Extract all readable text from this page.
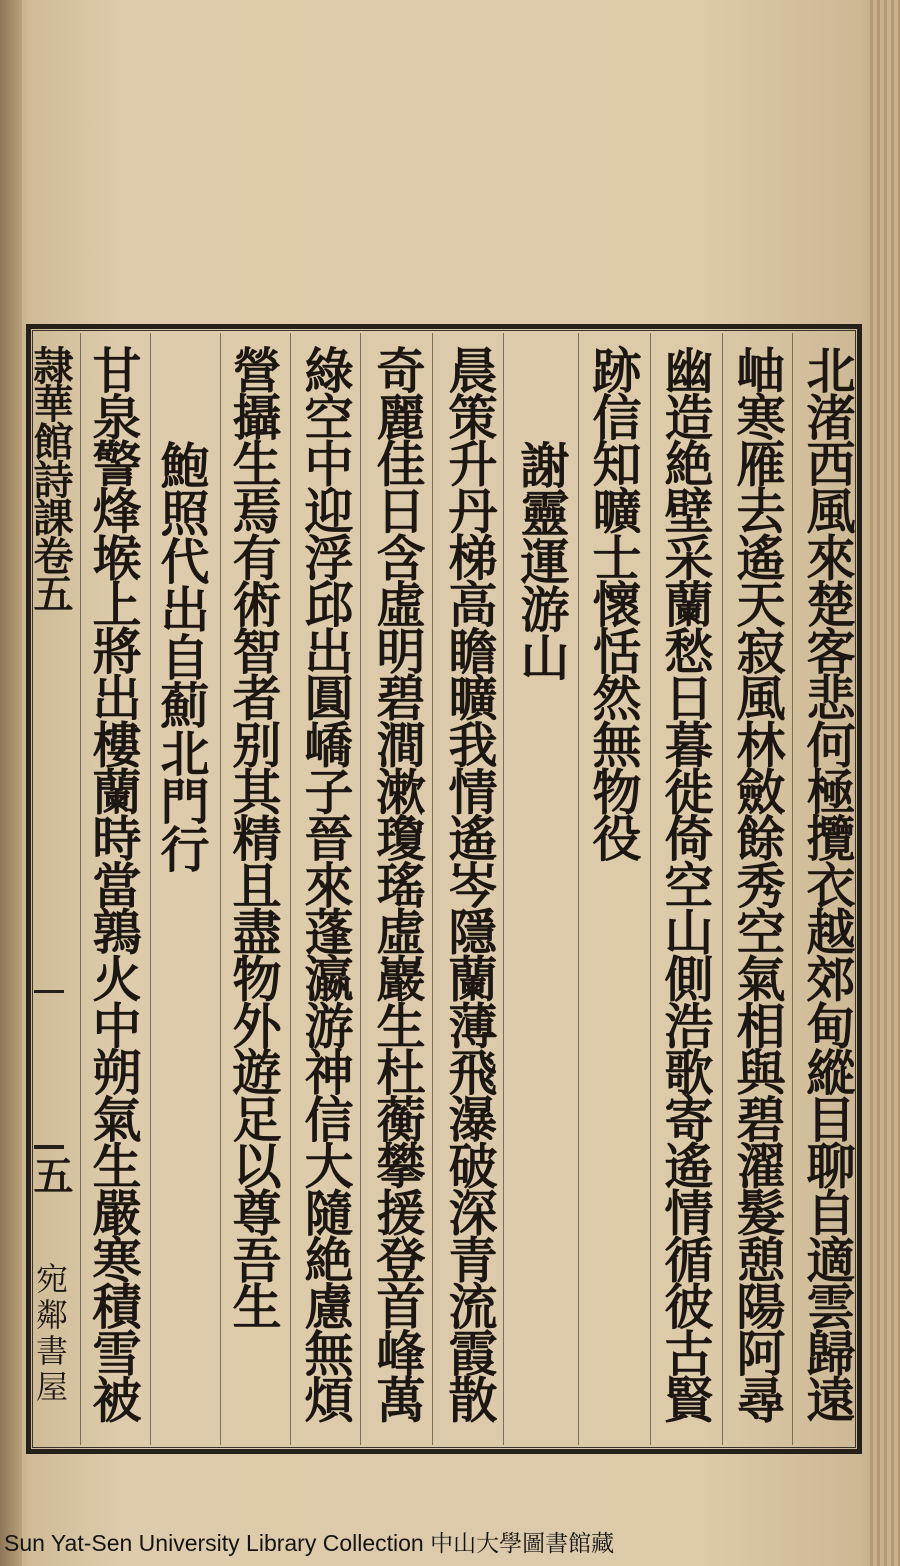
隷華館詩課卷五
五
宛鄰書屋	北渚西風來楚客悲何極攬衣越郊甸縱目聊自適雲歸遠
岫寒雁去遙天寂風林斂餘秀空氣相與碧濯髮憩陽阿尋
幽造絶壁采蘭愁日暮徙倚空山側浩歌寄遙情循彼古賢
跡信知曠士懷恬然無物役
謝靈運游山
晨策升丹梯高瞻曠我情遙岑隱蘭薄飛瀑破深青流霞散
奇麗佳日含虛明碧澗漱瓊瑤虛巖生杜蘅攀援登首峰萬
綠空中迎浮邱出圓嶠子晉來蓬瀛游神信大隨絶慮無煩
營攝生焉有術智者别其精且盡物外遊足以尊吾生
鮑照代出自薊北門行
甘泉警烽堠上將出樓蘭時當鶉火中朔氣生嚴寒積雪被
Sun Yat-Sen University Library Collection 中山大學圖書館藏
